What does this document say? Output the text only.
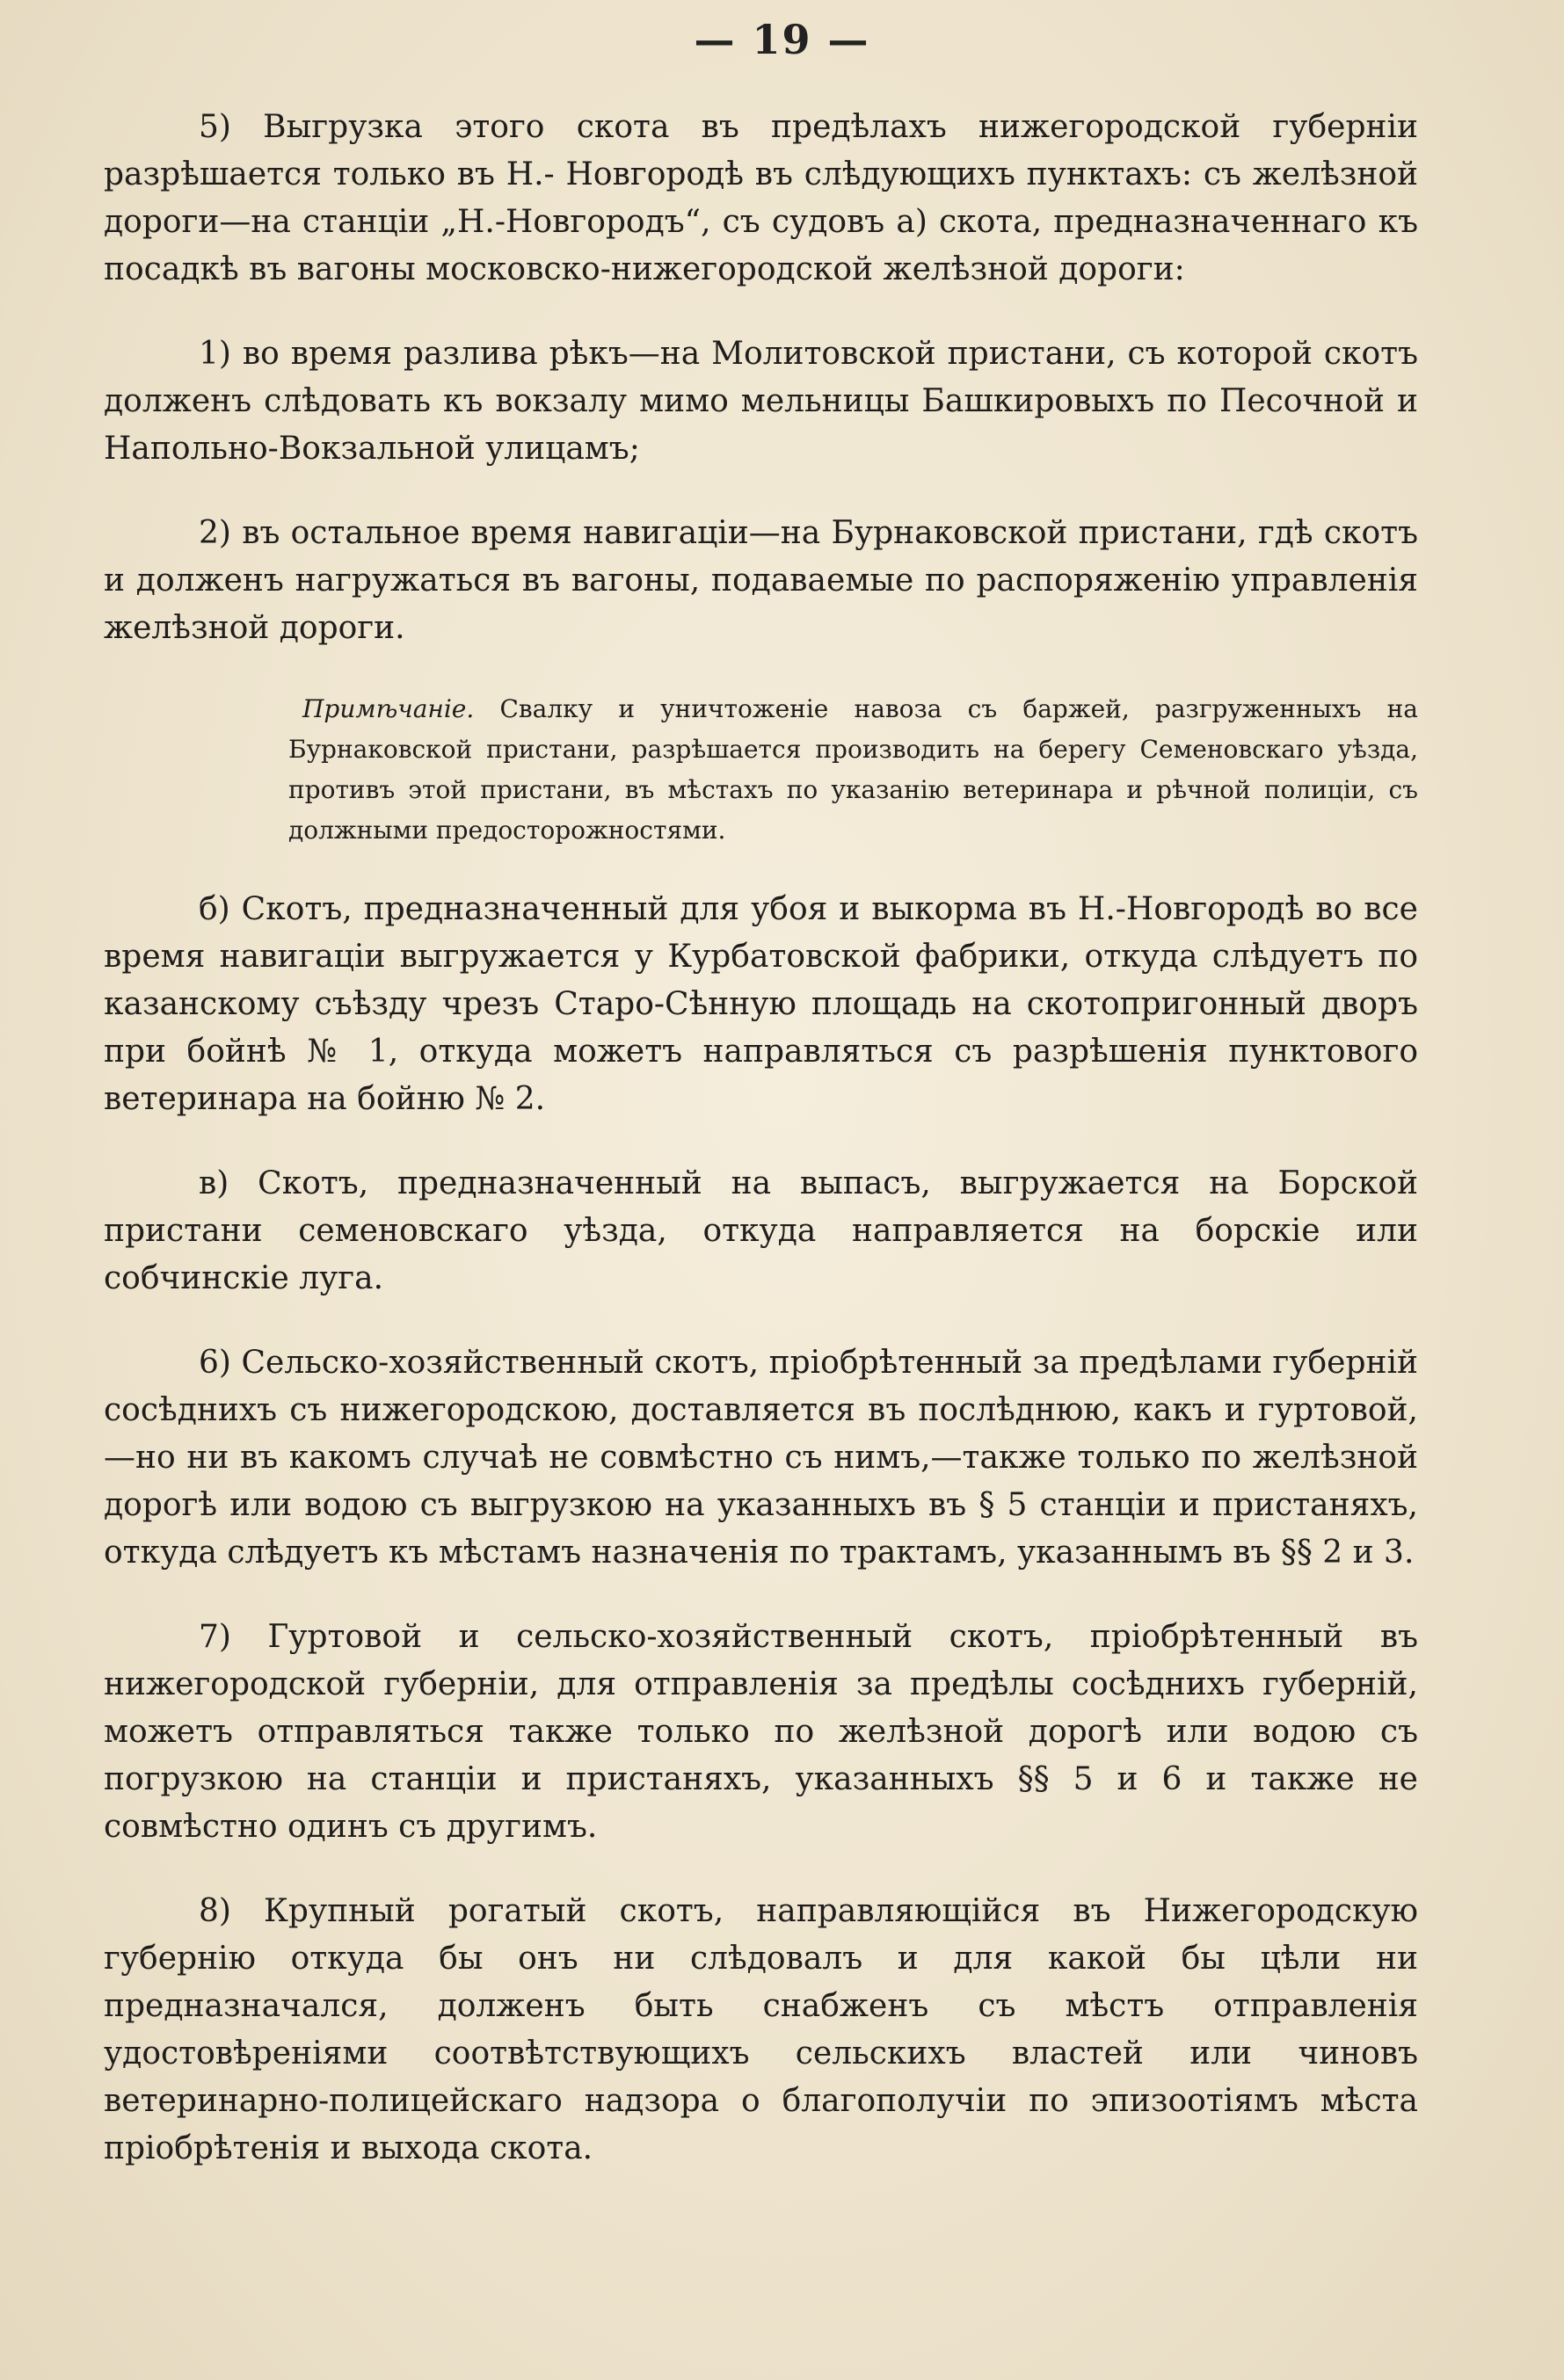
— 19 —

5) Выгрузка этого скота въ предѣлахъ нижегородской губерніи разрѣшается только въ Н.- Новгородѣ въ слѣдующихъ пунктахъ: съ желѣзной дороги—на станціи „Н.-Новгородъ“, съ судовъ а) скота, предназначеннаго къ посадкѣ въ вагоны московско-нижегородской желѣзной дороги:

1) во время разлива рѣкъ—на Молитовской пристани, съ которой скотъ долженъ слѣдовать къ вокзалу мимо мельницы Башкировыхъ по Песочной и Напольно-Вокзальной улицамъ;

2) въ остальное время навигаціи—на Бурнаковской пристани, гдѣ скотъ и долженъ нагружаться въ вагоны, подаваемые по распоряженію управленія желѣзной дороги.

Примѣчаніе. Свалку и уничтоженіе навоза съ баржей, разгруженныхъ на Бурнаковской пристани, разрѣшается производить на берегу Семеновскаго уѣзда, противъ этой пристани, въ мѣстахъ по указанію ветеринара и рѣчной полиціи, съ должными предосторожностями.

б) Скотъ, предназначенный для убоя и выкорма въ Н.-Новгородѣ во все время навигаціи выгружается у Курбатовской фабрики, откуда слѣдуетъ по казанскому съѣзду чрезъ Старо-Сѣнную площадь на скотопригонный дворъ при бойнѣ № 1, откуда можетъ направляться съ разрѣшенія пунктового ветеринара на бойню № 2.

в) Скотъ, предназначенный на выпасъ, выгружается на Борской пристани семеновскаго уѣзда, откуда направляется на борскіе или собчинскіе луга.

6) Сельско-хозяйственный скотъ, пріобрѣтенный за предѣлами губерній сосѣднихъ съ нижегородскою, доставляется въ послѣднюю, какъ и гуртовой,—но ни въ какомъ случаѣ не совмѣстно съ нимъ,—также только по желѣзной дорогѣ или водою съ выгрузкою на указанныхъ въ § 5 станціи и пристаняхъ, откуда слѣдуетъ къ мѣстамъ назначенія по трактамъ, указаннымъ въ §§ 2 и 3.

7) Гуртовой и сельско-хозяйственный скотъ, пріобрѣтенный въ нижегородской губерніи, для отправленія за предѣлы сосѣднихъ губерній, можетъ отправляться также только по желѣзной дорогѣ или водою съ погрузкою на станціи и пристаняхъ, указанныхъ §§ 5 и 6 и также не совмѣстно одинъ съ другимъ.

8) Крупный рогатый скотъ, направляющійся въ Нижегородскую губернію откуда бы онъ ни слѣдовалъ и для какой бы цѣли ни предназначался, долженъ быть снабженъ съ мѣстъ отправленія удостовѣреніями соотвѣтствующихъ сельскихъ властей или чиновъ ветеринарно-полицейскаго надзора о благополучіи по эпизоотіямъ мѣста пріобрѣтенія и выхода скота.
